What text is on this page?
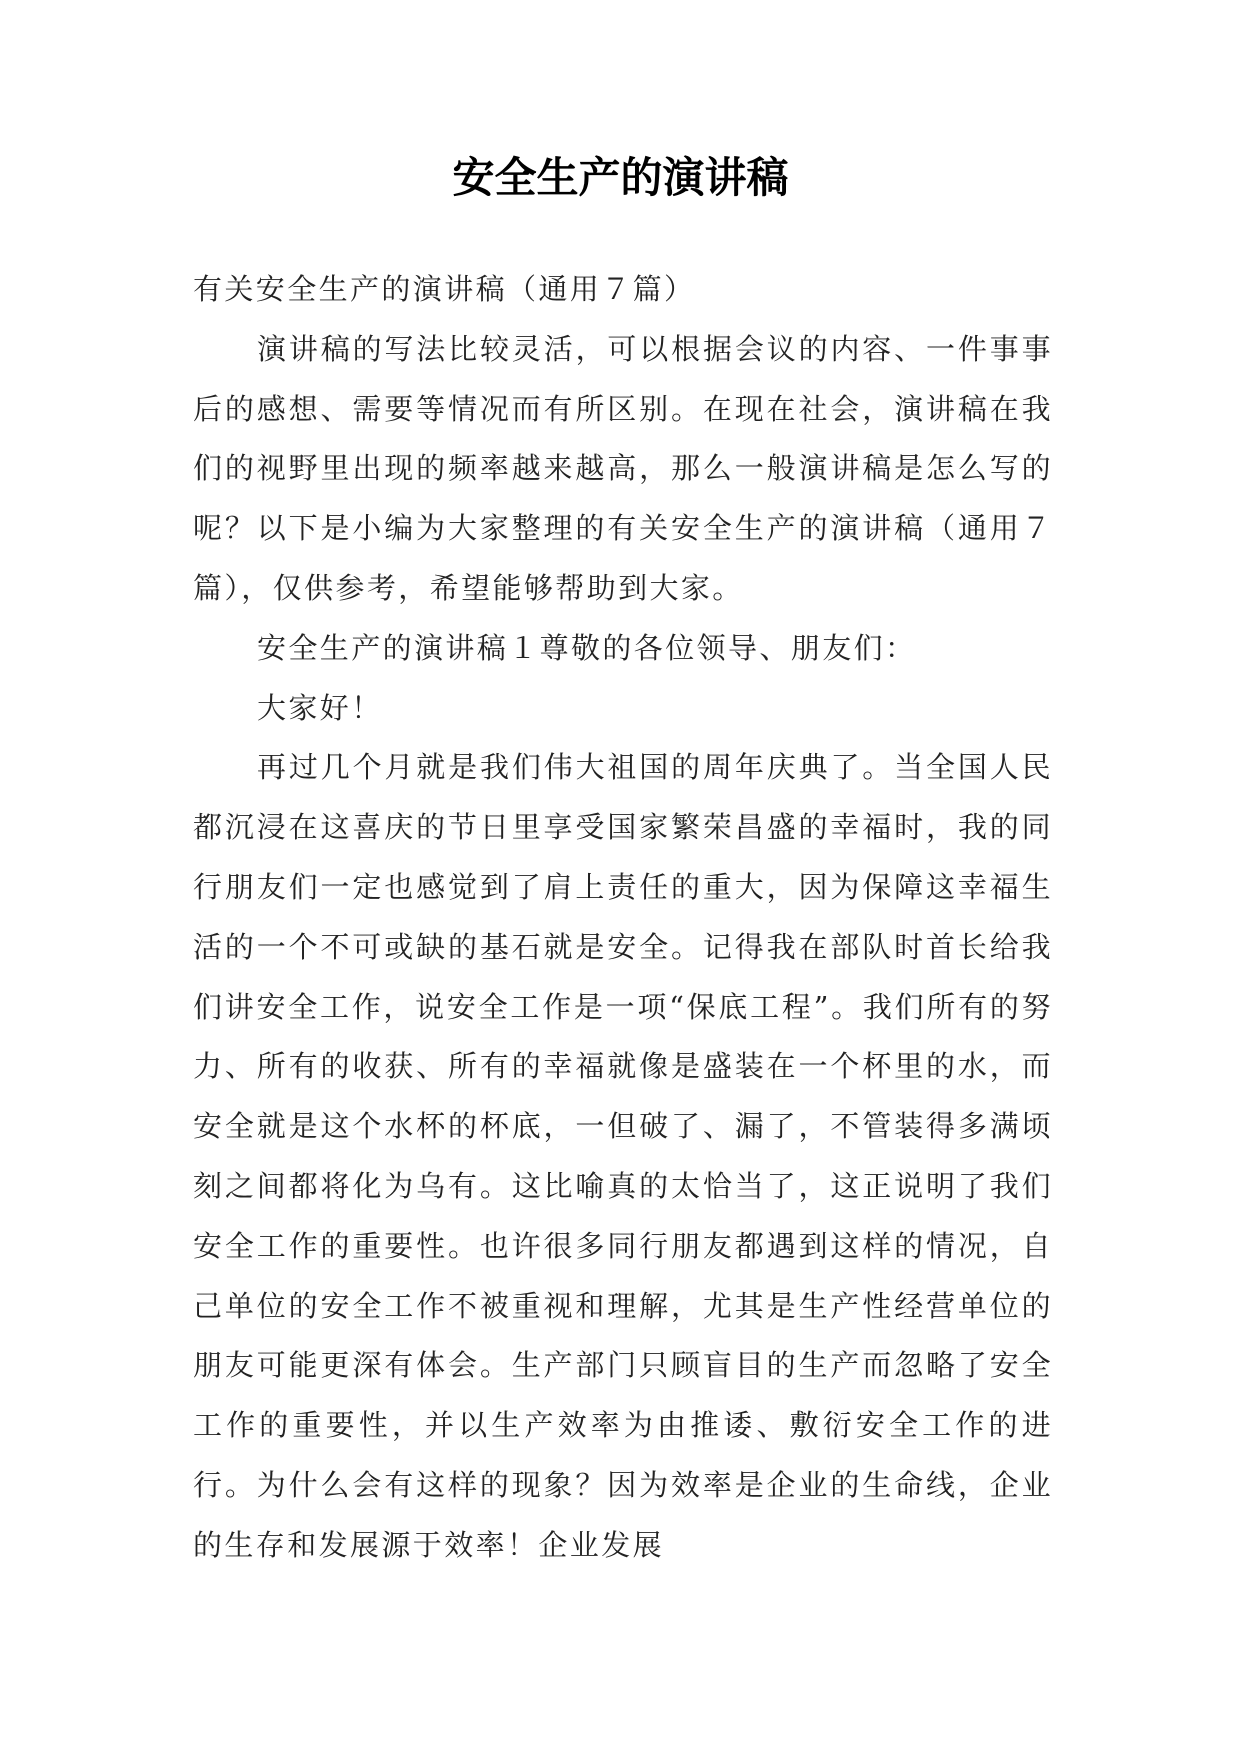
安全生产的演讲稿

有关安全生产的演讲稿（通用７篇）

演讲稿的写法比较灵活，可以根据会议的内容、一件事事后的感想、需要等情况而有所区别。在现在社会，演讲稿在我们的视野里出现的频率越来越高，那么一般演讲稿是怎么写的呢？以下是小编为大家整理的有关安全生产的演讲稿（通用７篇），仅供参考，希望能够帮助到大家。

安全生产的演讲稿１尊敬的各位领导、朋友们：

大家好！

再过几个月就是我们伟大祖国的周年庆典了。当全国人民都沉浸在这喜庆的节日里享受国家繁荣昌盛的幸福时，我的同行朋友们一定也感觉到了肩上责任的重大，因为保障这幸福生活的一个不可或缺的基石就是安全。记得我在部队时首长给我们讲安全工作，说安全工作是一项“保底工程”。我们所有的努力、所有的收获、所有的幸福就像是盛装在一个杯里的水，而安全就是这个水杯的杯底，一但破了、漏了，不管装得多满顷刻之间都将化为乌有。这比喻真的太恰当了，这正说明了我们安全工作的重要性。也许很多同行朋友都遇到这样的情况，自己单位的安全工作不被重视和理解，尤其是生产性经营单位的朋友可能更深有体会。生产部门只顾盲目的生产而忽略了安全工作的重要性，并以生产效率为由推诿、敷衍安全工作的进行。为什么会有这样的现象？因为效率是企业的生命线，企业的生存和发展源于效率！企业发展
